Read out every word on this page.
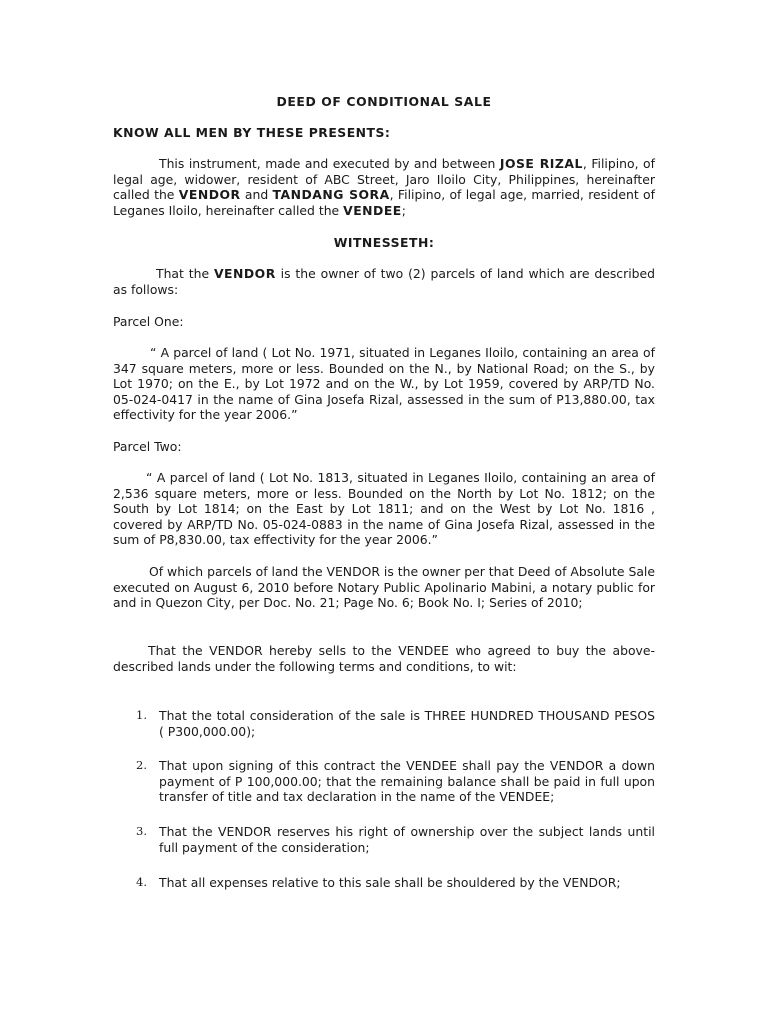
DEED OF CONDITIONAL SALE

KNOW ALL MEN BY THESE PRESENTS:

This instrument, made and executed by and between JOSE RIZAL, Filipino, of legal age, widower, resident of ABC Street, Jaro Iloilo City, Philippines, hereinafter called the VENDOR and TANDANG SORA, Filipino, of legal age, married, resident of Leganes Iloilo, hereinafter called the VENDEE;

WITNESSETH:

That the VENDOR is the owner of two (2) parcels of land which are described as follows:

Parcel One:

“ A parcel of land ( Lot No. 1971, situated in Leganes Iloilo, containing an area of 347 square meters, more or less. Bounded on the N., by National Road; on the S., by Lot 1970; on the E., by Lot 1972 and on the W., by Lot 1959, covered by ARP/TD No. 05-024-0417 in the name of Gina Josefa Rizal, assessed in the sum of P13,880.00, tax effectivity for the year 2006.”

Parcel Two:

“ A parcel of land ( Lot No. 1813, situated in Leganes Iloilo, containing an area of 2,536 square meters, more or less. Bounded on the North by Lot No. 1812; on the South by Lot 1814; on the East by Lot 1811; and on the West by Lot No. 1816 , covered by ARP/TD No. 05-024-0883 in the name of Gina Josefa Rizal, assessed in the sum of P8,830.00, tax effectivity for the year 2006.”

Of which parcels of land the VENDOR is the owner per that Deed of Absolute Sale executed on August 6, 2010 before Notary Public Apolinario Mabini, a notary public for and in Quezon City, per Doc. No. 21; Page No. 6; Book No. I; Series of 2010;

That the VENDOR hereby sells to the VENDEE who agreed to buy the above-described lands under the following terms and conditions, to wit:

1. That the total consideration of the sale is THREE HUNDRED THOUSAND PESOS ( P300,000.00);
2. That upon signing of this contract the VENDEE shall pay the VENDOR a down payment of P 100,000.00; that the remaining balance shall be paid in full upon transfer of title and tax declaration in the name of the VENDEE;
3. That the VENDOR reserves his right of ownership over the subject lands until full payment of the consideration;
4. That all expenses relative to this sale shall be shouldered by the VENDOR;
